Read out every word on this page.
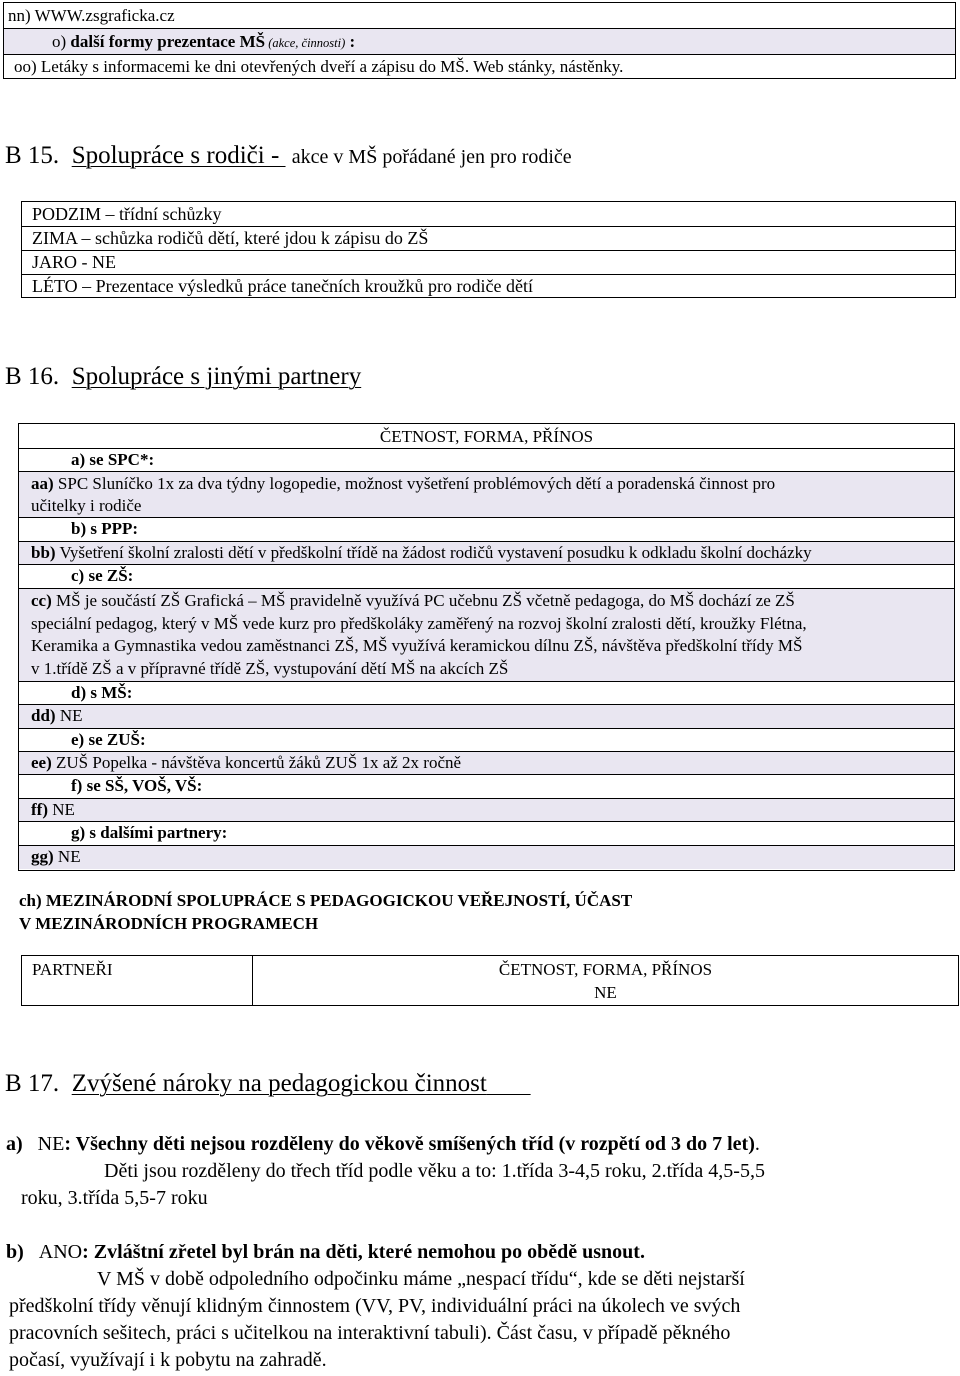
nn) WWW.zsgraficka.cz
o) další formy prezentace MŠ (akce, činnosti) :
oo) Letáky s informacemi ke dni otevřených dveří a zápisu do MŠ. Web stánky, nástěnky.
B 15. Spolupráce s rodiči -  akce v MŠ pořádané jen pro rodiče
PODZIM – třídní schůzky
ZIMA – schůzka rodičů dětí, které jdou k zápisu do ZŠ
JARO - NE
LÉTO – Prezentace výsledků práce tanečních kroužků pro rodiče dětí
B 16. Spolupráce s jinými partnery
ČETNOST, FORMA, PŘÍNOS
a) se SPC*:
aa) SPC Sluníčko 1x za dva týdny logopedie, možnost vyšetření problémových dětí a poradenská činnost pro
učitelky i rodiče
b) s PPP:
bb) Vyšetření školní zralosti dětí v předškolní třídě na žádost rodičů vystavení posudku k odkladu školní docházky
c) se ZŠ:
cc) MŠ je součástí ZŠ Grafická – MŠ pravidelně využívá PC učebnu ZŠ včetně pedagoga, do MŠ dochází ze ZŠ
speciální pedagog, který v MŠ vede kurz pro předškoláky zaměřený na rozvoj školní zralosti dětí, kroužky Flétna,
Keramika a Gymnastika vedou zaměstnanci ZŠ, MŠ využívá keramickou dílnu ZŠ, návštěva předškolní třídy MŠ
v 1.třídě ZŠ a v přípravné třídě ZŠ, vystupování dětí MŠ na akcích ZŠ
d) s MŠ:
dd) NE
e) se ZUŠ:
ee) ZUŠ Popelka - návštěva koncertů žáků ZUŠ 1x až 2x ročně
f) se SŠ, VOŠ, VŠ:
ff) NE
g) s dalšími partnery:
gg) NE
ch) MEZINÁRODNÍ SPOLUPRÁCE S PEDAGOGICKOU VEŘEJNOSTÍ, ÚČAST
V MEZINÁRODNÍCH PROGRAMECH
PARTNEŘI	ČETNOST, FORMA, PŘÍNOS
NE
B 17. Zvýšené nároky na pedagogickou činnost
a) NE: Všechny děti nejsou rozděleny do věkově smíšených tříd (v rozpětí od 3 do 7 let).
Děti jsou rozděleny do třech tříd podle věku a to: 1.třída 3-4,5 roku, 2.třída 4,5-5,5
roku, 3.třída 5,5-7 roku
b) ANO: Zvláštní zřetel byl brán na děti, které nemohou po obědě usnout.
V MŠ v době odpoledního odpočinku máme „nespací třídu“, kde se děti nejstarší
předškolní třídy věnují klidným činnostem (VV, PV, individuální práci na úkolech ve svých
pracovních sešitech, práci s učitelkou na interaktivní tabuli). Část času, v případě pěkného
počasí, využívají i k pobytu na zahradě.
